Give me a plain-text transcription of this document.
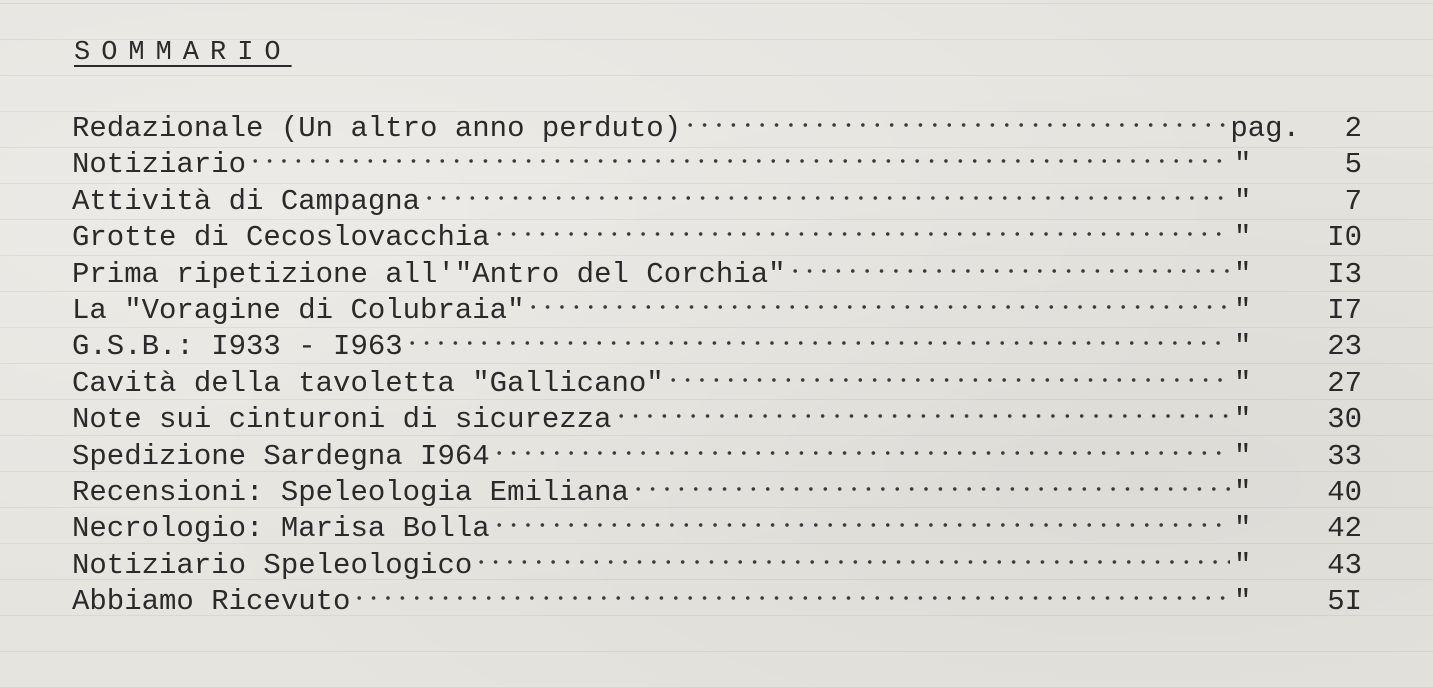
SOMMARIO
Redazionale (Un altro anno perduto)	pag.	2
Notiziario	"	5
Attività di Campagna	"	7
Grotte di Cecoslovacchia	"	I0
Prima ripetizione all'"Antro del Corchia"	"	I3
La "Voragine di Colubraia"	"	I7
G.S.B.: I933 - I963	"	23
Cavità della tavoletta "Gallicano"	"	27
Note sui cinturoni di sicurezza	"	30
Spedizione Sardegna I964	"	33
Recensioni: Speleologia Emiliana	"	40
Necrologio: Marisa Bolla	"	42
Notiziario Speleologico	"	43
Abbiamo Ricevuto	"	5I
